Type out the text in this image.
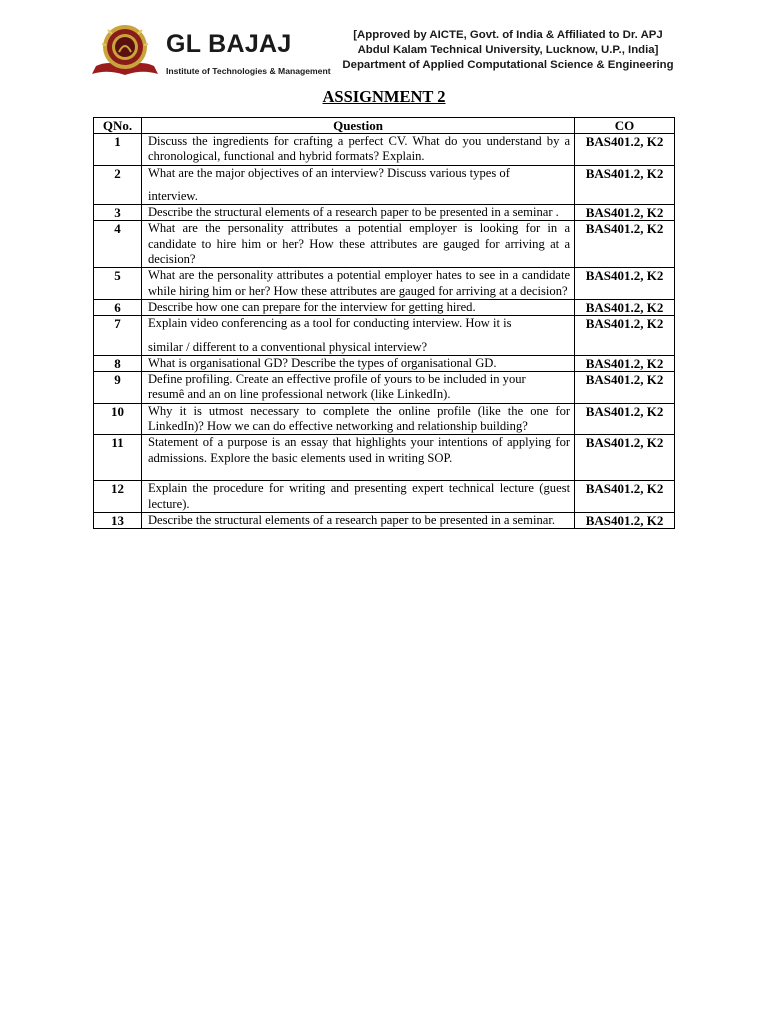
GL BAJAJ
Institute of Technologies & Management
[Approved by AICTE, Govt. of India & Affiliated to Dr. APJ
Abdul Kalam Technical University, Lucknow, U.P., India]
Department of Applied Computational Science & Engineering
ASSIGNMENT 2
QNo.	Question	CO
1	Discuss the ingredients for crafting a perfect CV. What do you understand by a chronological, functional and hybrid formats? Explain.	BAS401.2, K2
2	What are the major objectives of an interview? Discuss various types of
interview.	BAS401.2, K2
3	Describe the structural elements of a research paper to be presented in a seminar .	BAS401.2, K2
4	What are the personality attributes a potential employer is looking for in a candidate to hire him or her? How these attributes are gauged for arriving at a decision?	BAS401.2, K2
5	What are the personality attributes a potential employer hates to see in a candidate while hiring him or her? How these attributes are gauged for arriving at a decision?	BAS401.2, K2
6	Describe how one can prepare for the interview for getting hired.	BAS401.2, K2
7	Explain video conferencing as a tool for conducting interview. How it is
similar / different to a conventional physical interview?	BAS401.2, K2
8	What is organisational GD? Describe the types of organisational GD.	BAS401.2, K2
9	Define profiling. Create an effective profile of yours to be included in your
resumê and an on line professional network (like LinkedIn).	BAS401.2, K2
10	Why it is utmost necessary to complete the online profile (like the one for LinkedIn)? How we can do effective networking and relationship building?	BAS401.2, K2
11	Statement of a purpose is an essay that highlights your intentions of applying for admissions. Explore the basic elements used in writing SOP.	BAS401.2, K2
12	Explain the procedure for writing and presenting expert technical lecture (guest lecture).	BAS401.2, K2
13	Describe the structural elements of a research paper to be presented in a seminar.	BAS401.2, K2
